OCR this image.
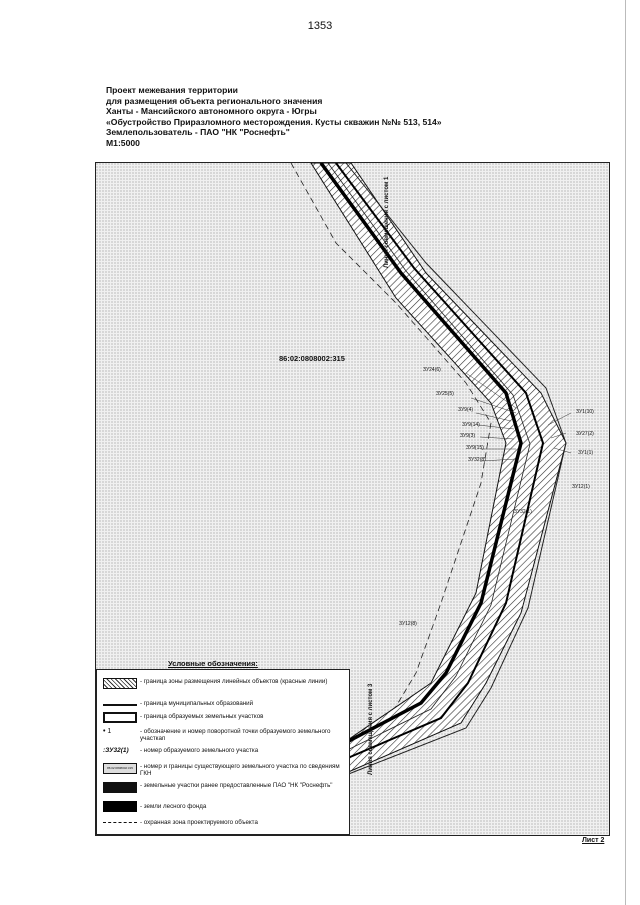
1353
Проект межевания территории
для размещения объекта регионального значения
Ханты - Мансийского автономного округа - Югры
«Обустройство Приразломного месторождения. Кусты скважин №№ 513, 514»
Землепользователь - ПАО "НК "Роснефть"
М1:5000
86:02:0808002:315
Линия совмещения с листом 1
Линия совмещения с листом 3
ЗУ24(6)
ЗУ25(5)
ЗУ9(4)
ЗУ9(14)
ЗУ9(3)
ЗУ9(15)
ЗУ32(8)
ЗУ32(1)
ЗУ12(8)
ЗУ1(10)
ЗУ27(2)
ЗУ1(1)
ЗУ12(1)
Условные обозначения:
- граница зоны размещения линейных объектов (красные линии)
- граница муниципальных образований
- граница образуемых земельных участков
• 1	- обозначение и номер поворотной точки образуемого земельного участкап
:ЗУ32(1)	- номер образуемого земельного участка
86:02:0808002:315	- номер и границы существующего земельного участка по сведениям ГКН
- земельные участки ранее предоставленные ПАО "НК "Роснефть"
- земли лесного фонда
- охранная зона проектируемого объекта
Лист 2
